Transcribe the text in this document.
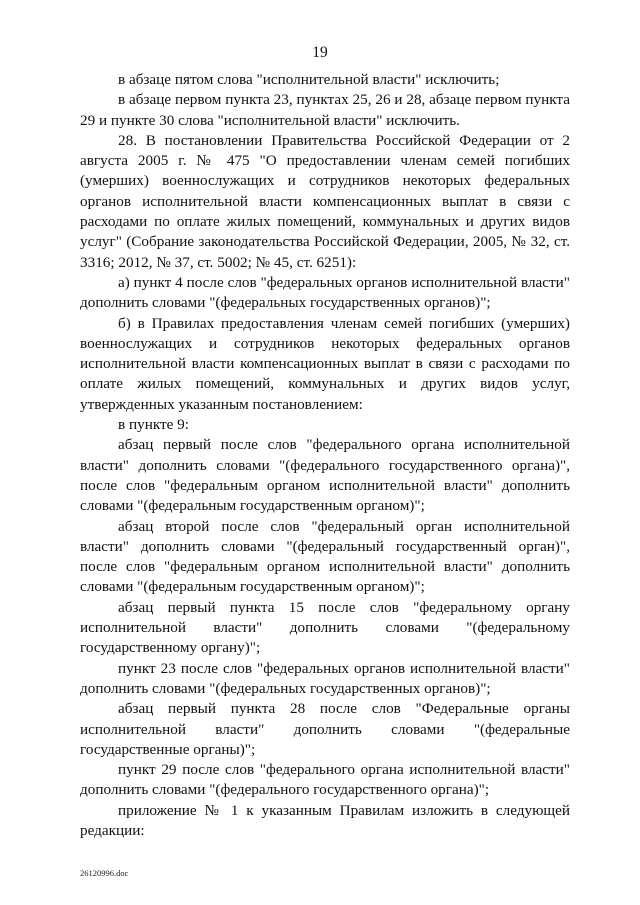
19

в абзаце пятом слова "исполнительной власти" исключить;

в абзаце первом пункта 23, пунктах 25, 26 и 28, абзаце первом пункта 29 и пункте 30 слова "исполнительной власти" исключить.

28. В постановлении Правительства Российской Федерации от 2 августа 2005 г. № 475 "О предоставлении членам семей погибших (умерших) военнослужащих и сотрудников некоторых федеральных органов исполнительной власти компенсационных выплат в связи с расходами по оплате жилых помещений, коммунальных и других видов услуг" (Собрание законодательства Российской Федерации, 2005, № 32, ст. 3316; 2012, № 37, ст. 5002; № 45, ст. 6251):

а) пункт 4 после слов "федеральных органов исполнительной власти" дополнить словами "(федеральных государственных органов)";

б) в Правилах предоставления членам семей погибших (умерших) военнослужащих и сотрудников некоторых федеральных органов исполнительной власти компенсационных выплат в связи с расходами по оплате жилых помещений, коммунальных и других видов услуг, утвержденных указанным постановлением:

в пункте 9:

абзац первый после слов "федерального органа исполнительной власти" дополнить словами "(федерального государственного органа)", после слов "федеральным органом исполнительной власти" дополнить словами "(федеральным государственным органом)";

абзац второй после слов "федеральный орган исполнительной власти" дополнить словами "(федеральный государственный орган)", после слов "федеральным органом исполнительной власти" дополнить словами "(федеральным государственным органом)";

абзац первый пункта 15 после слов "федеральному органу исполнительной власти" дополнить словами "(федеральному государственному органу)";

пункт 23 после слов "федеральных органов исполнительной власти" дополнить словами "(федеральных государственных органов)";

абзац первый пункта 28 после слов "Федеральные органы исполнительной власти" дополнить словами "(федеральные государственные органы)";

пункт 29 после слов "федерального органа исполнительной власти" дополнить словами "(федерального государственного органа)";

приложение № 1 к указанным Правилам изложить в следующей редакции:

26120996.doc
